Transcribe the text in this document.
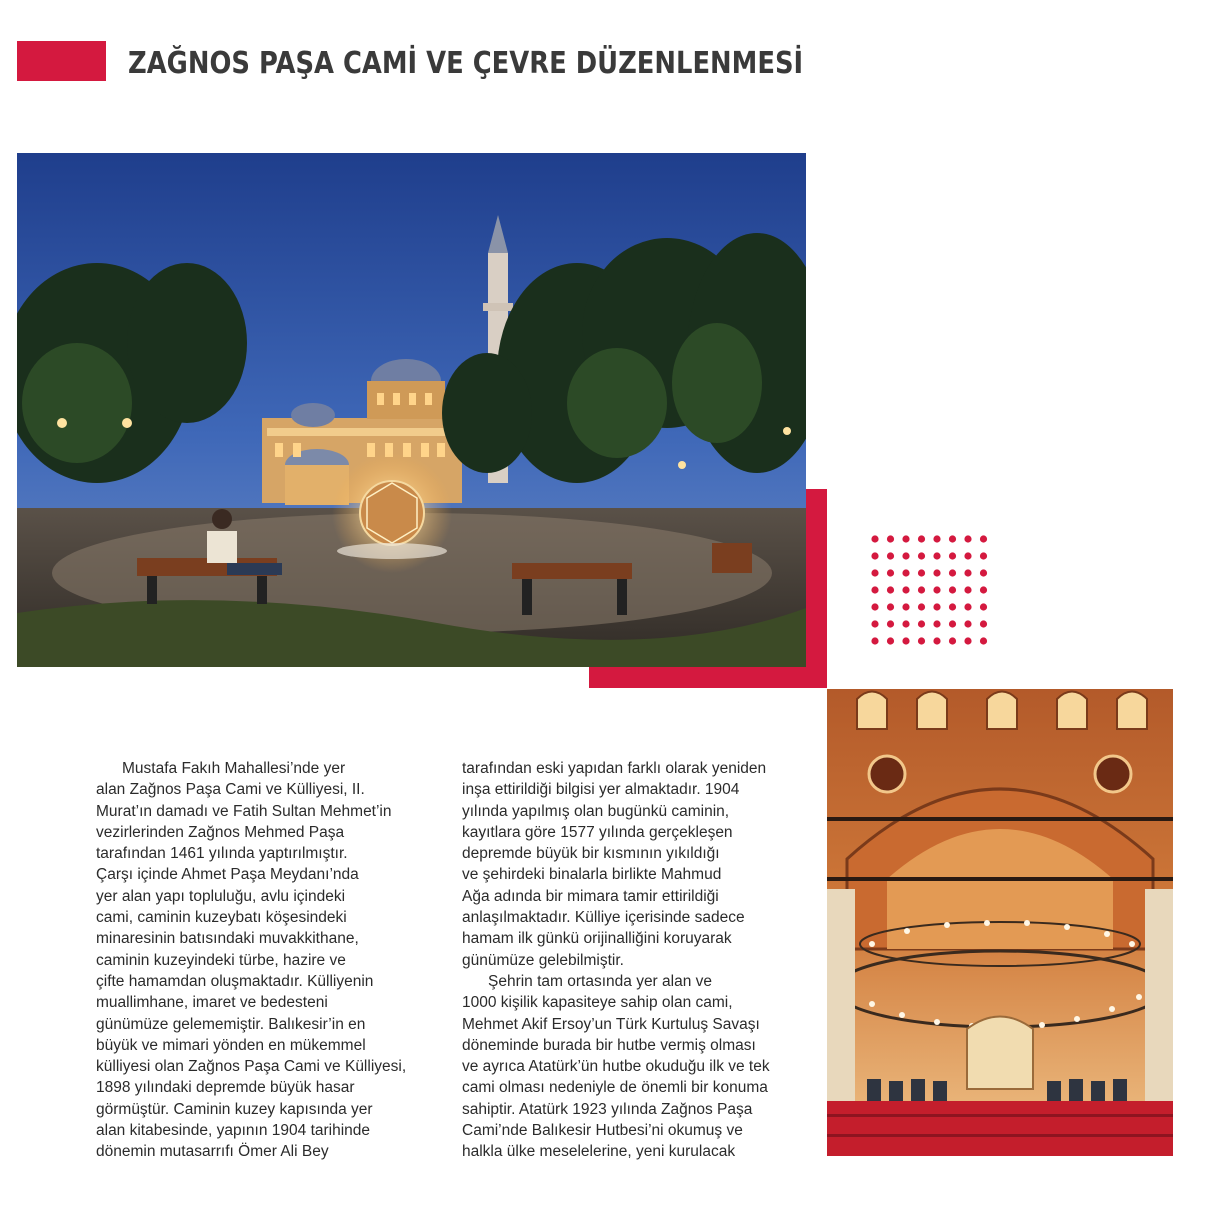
ZAĞNOS PAŞA CAMİ VE ÇEVRE DÜZENLENMESİ
Mustafa Fakıh Mahallesi’nde yer
alan Zağnos Paşa Cami ve Külliyesi, II.
Murat’ın damadı ve Fatih Sultan Mehmet’in
vezirlerinden Zağnos Mehmed Paşa
tarafından 1461 yılında yaptırılmıştır.
Çarşı içinde Ahmet Paşa Meydanı’nda
yer alan yapı topluluğu, avlu içindeki
cami, caminin kuzeybatı köşesindeki
minaresinin batısındaki muvakkithane,
caminin kuzeyindeki türbe, hazire ve
çifte hamamdan oluşmaktadır. Külliyenin
muallimhane, imaret ve bedesteni
günümüze gelememiştir. Balıkesir’in en
büyük ve mimari yönden en mükemmel
külliyesi olan Zağnos Paşa Cami ve Külliyesi,
1898 yılındaki depremde büyük hasar
görmüştür. Caminin kuzey kapısında yer
alan kitabesinde, yapının 1904 tarihinde
dönemin mutasarrıfı Ömer Ali Bey
tarafından eski yapıdan farklı olarak yeniden
inşa ettirildiği bilgisi yer almaktadır. 1904
yılında yapılmış olan bugünkü caminin,
kayıtlara göre 1577 yılında gerçekleşen
depremde büyük bir kısmının yıkıldığı
ve şehirdeki binalarla birlikte Mahmud
Ağa adında bir mimara tamir ettirildiği
anlaşılmaktadır. Külliye içerisinde sadece
hamam ilk günkü orijinalliğini koruyarak
günümüze gelebilmiştir.
Şehrin tam ortasında yer alan ve
1000 kişilik kapasiteye sahip olan cami,
Mehmet Akif Ersoy’un Türk Kurtuluş Savaşı
döneminde burada bir hutbe vermiş olması
ve ayrıca Atatürk’ün hutbe okuduğu ilk ve tek
cami olması nedeniyle de önemli bir konuma
sahiptir. Atatürk 1923 yılında Zağnos Paşa
Cami’nde Balıkesir Hutbesi’ni okumuş ve
halkla ülke meselelerine, yeni kurulacak
